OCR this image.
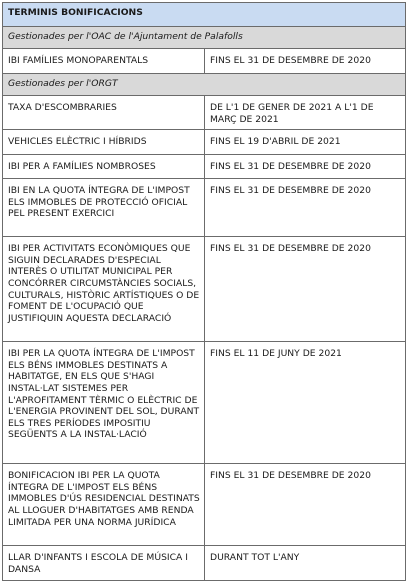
TERMINIS BONIFICACIONS	
Gestionades per l'OAC de l'Ajuntament de Palafolls	
IBI FAMÍLIES MONOPARENTALS	FINS EL 31 DE DESEMBRE DE 2020
Gestionades per l'ORGT	
TAXA D'ESCOMBRARIES	DE L'1 DE GENER DE 2021 A L'1 DE MARÇ DE 2021
VEHICLES ELÈCTRIC I HÍBRIDS	FINS EL 19 D'ABRIL DE 2021
IBI PER A FAMÍLIES NOMBROSES	FINS EL 31 DE DESEMBRE DE 2020
IBI EN LA QUOTA ÍNTEGRA DE L'IMPOST ELS IMMOBLES DE PROTECCIÓ OFICIAL PEL PRESENT EXERCICI	FINS EL 31 DE DESEMBRE DE 2020
IBI PER ACTIVITATS ECONÒMIQUES QUE SIGUIN DECLARADES D'ESPECIAL INTERÈS O UTILITAT MUNICIPAL PER CONCÓRRER CIRCUMSTÀNCIES SOCIALS, CULTURALS, HISTÒRIC ARTÍSTIQUES O DE FOMENT DE L'OCUPACIÓ QUE JUSTIFIQUIN AQUESTA DECLARACIÓ	FINS EL 31 DE DESEMBRE DE 2020
IBI PER LA QUOTA ÍNTEGRA DE L'IMPOST ELS BÉNS IMMOBLES DESTINATS A HABITATGE, EN ELS QUE S'HAGI INSTAL·LAT SISTEMES PER L'APROFITAMENT TÈRMIC O ELÈCTRIC DE L'ENERGIA PROVINENT DEL SOL, DURANT ELS TRES PERÍODES IMPOSITIU SEGÜENTS A LA INSTAL·LACIÓ	FINS EL 11 DE JUNY DE 2021
BONIFICACION IBI PER LA QUOTA ÍNTEGRA DE L'IMPOST ELS BÉNS IMMOBLES D'ÚS RESIDENCIAL DESTINATS AL LLOGUER D'HABITATGES AMB RENDA LIMITADA PER UNA NORMA JURÍDICA	FINS EL 31 DE DESEMBRE DE 2020
LLAR D'INFANTS I ESCOLA DE MÚSICA I DANSA	DURANT TOT L'ANY
